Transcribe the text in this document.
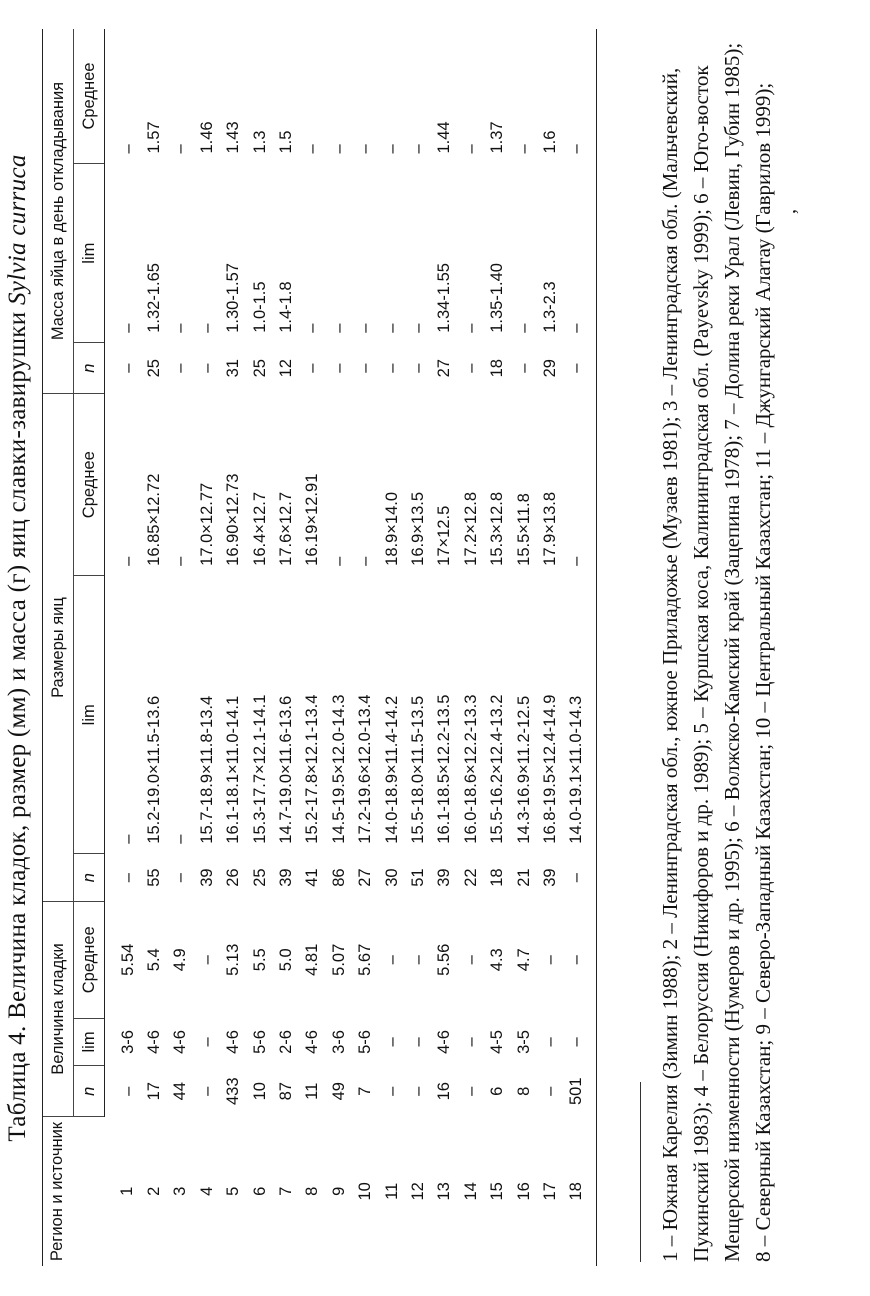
Таблица 4. Величина кладок, размер (мм) и масса (г) яиц славки-завирушки Sylvia curruca
Регион и источник	Величина кладки			Размеры яиц			Масса яйца в день откладывания		
	n	lim	Среднее	n	lim	Среднее	n	lim	Среднее
1	–	3-6	5.54	–	–	–	–	–	–
2	17	4-6	5.4	55	15.2-19.0×11.5-13.6	16.85×12.72	25	1.32-1.65	1.57
3	44	4-6	4.9	–	–	–	–	–	–
4	–	–	–	39	15.7-18.9×11.8-13.4	17.0×12.77	–	–	1.46
5	433	4-6	5.13	26	16.1-18.1×11.0-14.1	16.90×12.73	31	1.30-1.57	1.43
6	10	5-6	5.5	25	15.3-17.7×12.1-14.1	16.4×12.7	25	1.0-1.5	1.3
7	87	2-6	5.0	39	14.7-19.0×11.6-13.6	17.6×12.7	12	1.4-1.8	1.5
8	11	4-6	4.81	41	15.2-17.8×12.1-13.4	16.19×12.91	–	–	–
9	49	3-6	5.07	86	14.5-19.5×12.0-14.3	–	–	–	–
10	7	5-6	5.67	27	17.2-19.6×12.0-13.4	–	–	–	–
11	–	–	–	30	14.0-18.9×11.4-14.2	18.9×14.0	–	–	–
12	–	–	–	51	15.5-18.0×11.5-13.5	16.9×13.5	–	–	–
13	16	4-6	5.56	39	16.1-18.5×12.2-13.5	17×12.5	27	1.34-1.55	1.44
14	–	–	–	22	16.0-18.6×12.2-13.3	17.2×12.8	–	–	–
15	6	4-5	4.3	18	15.5-16.2×12.4-13.2	15.3×12.8	18	1.35-1.40	1.37
16	8	3-5	4.7	21	14.3-16.9×11.2-12.5	15.5×11.8	–	–	–
17	–	–	–	39	16.8-19.5×12.4-14.9	17.9×13.8	29	1.3-2.3	1.6
18	501	–	–	–	14.0-19.1×11.0-14.3	–	–	–	–	1 – Южная Карелия (Зимин 1988); 2 – Ленинградская обл., южное Приладожье (Музаев 1981); 3 – Ленинградская обл. (Мальчевский, Пукинский 1983); 4 – Белоруссия (Никифоров и др. 1989); 5 – Куршская коса, Калининградская обл. (Payevsky 1999); 6 – Юго-восток Мещерской низменности (Нумеров и др. 1995); 6 – Волжско-Камский край (Зацепина 1978); 7 – Долина реки Урал (Левин, Губин 1985); 8 – Северный Казахстан; 9 – Северо-Западный Казахстан; 10 – Центральный Казахстан; 11 – Джунгарский Алатау (Гаврилов 1999); ,
